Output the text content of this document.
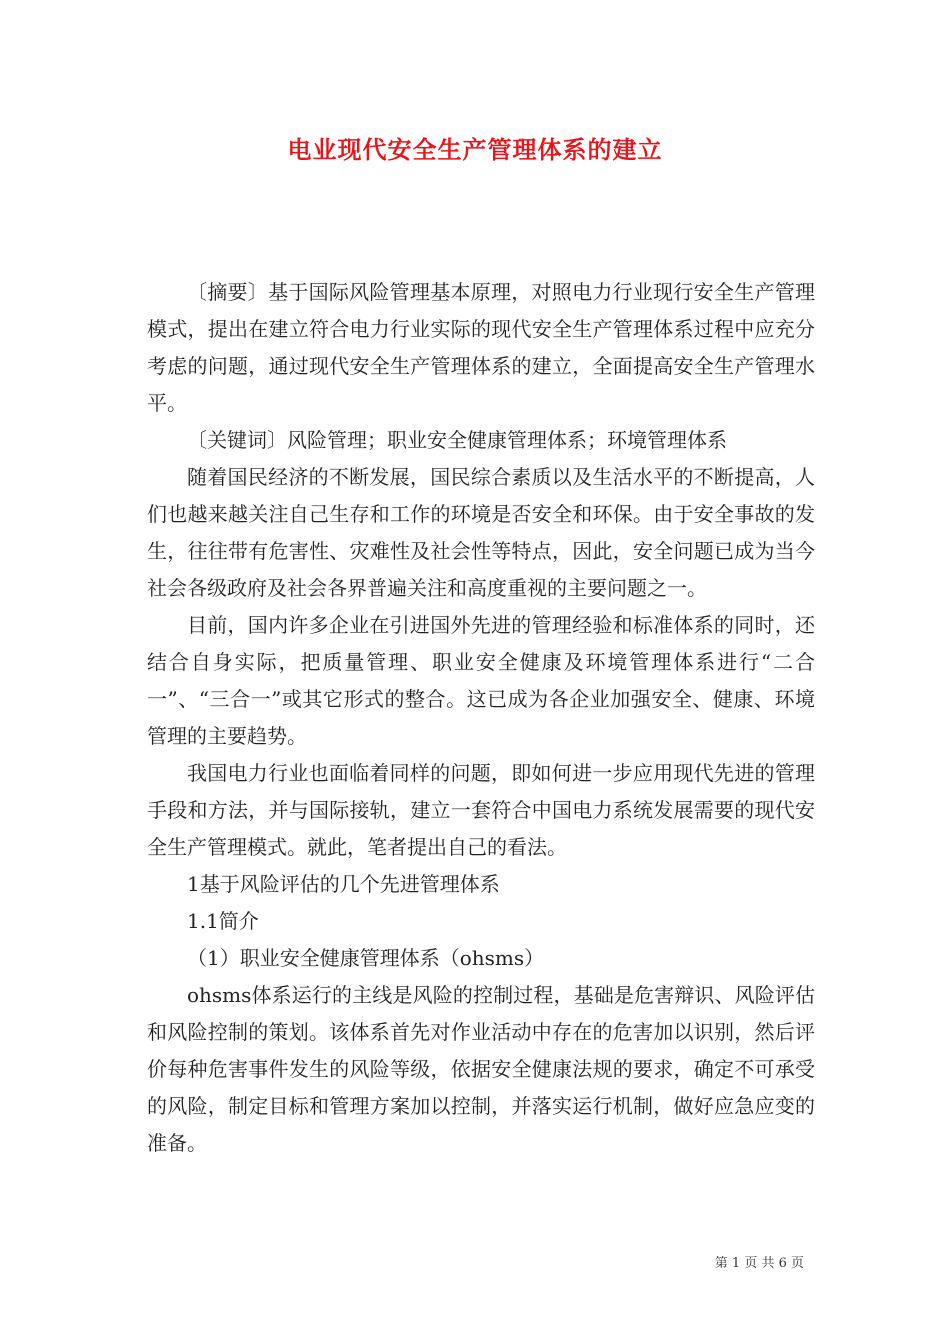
电业现代安全生产管理体系的建立

〔摘要〕基于国际风险管理基本原理，对照电力行业现行安全生产管理模式，提出在建立符合电力行业实际的现代安全生产管理体系过程中应充分考虑的问题，通过现代安全生产管理体系的建立，全面提高安全生产管理水平。

〔关键词〕风险管理；职业安全健康管理体系；环境管理体系

随着国民经济的不断发展，国民综合素质以及生活水平的不断提高，人们也越来越关注自己生存和工作的环境是否安全和环保。由于安全事故的发生，往往带有危害性、灾难性及社会性等特点，因此，安全问题已成为当今社会各级政府及社会各界普遍关注和高度重视的主要问题之一。

目前，国内许多企业在引进国外先进的管理经验和标准体系的同时，还结合自身实际，把质量管理、职业安全健康及环境管理体系进行“二合一”、“三合一”或其它形式的整合。这已成为各企业加强安全、健康、环境管理的主要趋势。

我国电力行业也面临着同样的问题，即如何进一步应用现代先进的管理手段和方法，并与国际接轨，建立一套符合中国电力系统发展需要的现代安全生产管理模式。就此，笔者提出自己的看法。

1基于风险评估的几个先进管理体系

1.1简介

（1）职业安全健康管理体系（ohsms）

ohsms体系运行的主线是风险的控制过程，基础是危害辩识、风险评估和风险控制的策划。该体系首先对作业活动中存在的危害加以识别，然后评价每种危害事件发生的风险等级，依据安全健康法规的要求，确定不可承受的风险，制定目标和管理方案加以控制，并落实运行机制，做好应急应变的准备。

第 1 页 共 6 页
